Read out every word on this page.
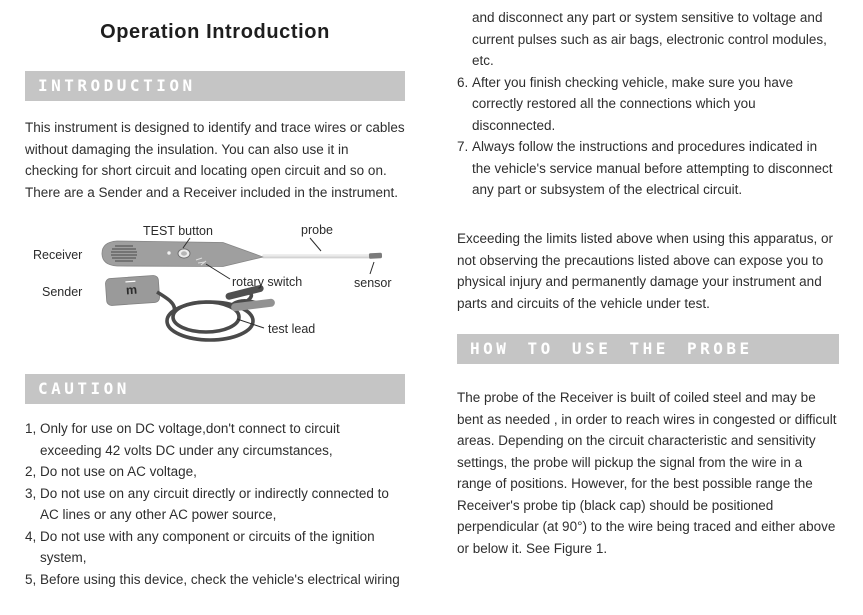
Operation Introduction
INTRODUCTION
This instrument is designed to identify and trace wires or cables without damaging the insulation. You can also use it in checking for short circuit and locating open circuit and so on. There are a Sender and a Receiver included in the instrument.
m
TEST button	probe
Receiver
rotary switch	sensor
Sender
test lead
CAUTION
1, Only for use on DC voltage,don't connect to circuit exceeding 42 volts DC under any circumstances,
2, Do not use on AC voltage,
3, Do not use on any circuit directly or indirectly connected to AC lines or any other AC power source,
4, Do not use with any component or circuits of the ignition system,
5, Before using this device, check the vehicle's electrical wiring
and disconnect any part or system sensitive to voltage and current pulses such as air bags, electronic control modules, etc.
6. After you finish checking vehicle, make sure you have correctly restored all the connections which you disconnected.
7. Always follow the instructions and procedures indicated in the vehicle's service manual before attempting to disconnect any part or subsystem of the electrical circuit.
Exceeding the limits listed above when using this apparatus, or not observing the precautions listed above can expose you to physical injury and permanently damage your instrument and parts and circuits of the vehicle under test.
HOW TO USE THE PROBE
The probe of the Receiver is built of coiled steel and may be bent as needed , in order to reach wires in congested or difficult areas. Depending on the circuit characteristic and sensitivity settings, the probe will pickup the signal from the wire in a range of positions. However, for the best possible range the Receiver's probe tip (black cap) should be positioned perpendicular (at 90°) to the wire being traced and either above or below it. See Figure 1.
